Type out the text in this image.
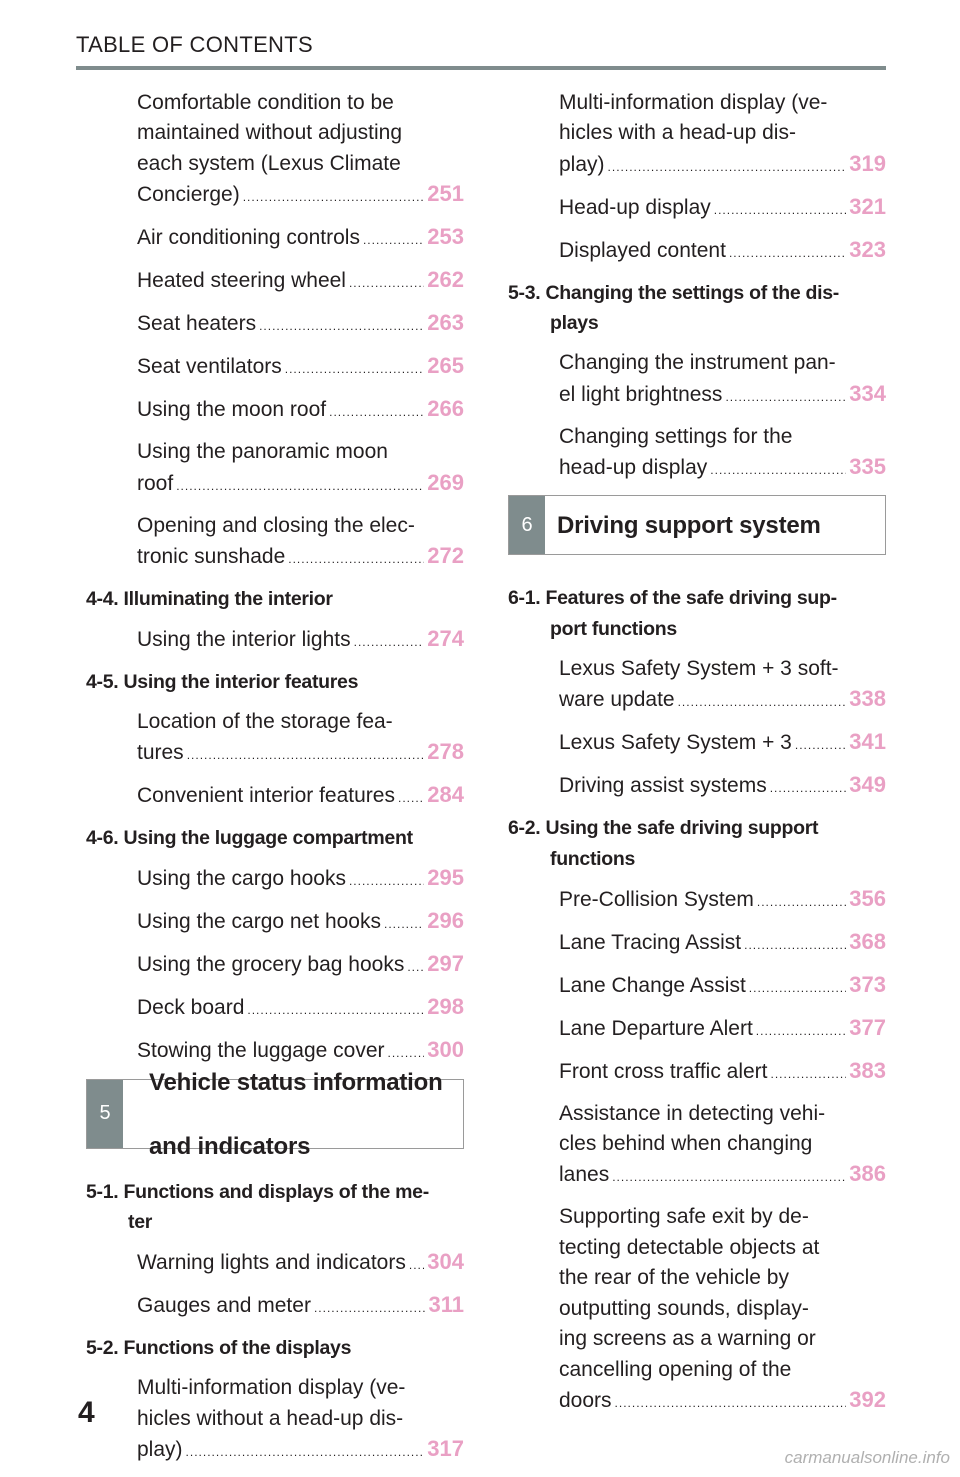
TABLE OF CONTENTS
Comfortable condition to be
maintained without adjusting
each system (Lexus Climate
Concierge) .....	251
Air conditioning controls .....	253
Heated steering wheel .....	262
Seat heaters .....	263
Seat ventilators .....	265
Using the moon roof .....	266
Using the panoramic moon
roof .....	269
Opening and closing the elec-
tronic sunshade .....	272
4-4. Illuminating the interior
Using the interior lights .....	274
4-5. Using the interior features
Location of the storage fea-
tures .....	278
Convenient interior features ..... 284
4-6. Using the luggage compartment
Using the cargo hooks .....	295
Using the cargo net hooks ..... 296
Using the grocery bag hooks ..... 297
Deck board .....	298
Stowing the luggage cover ..... 300
5
Vehicle status information

and indicators
5-1. Functions and displays of the me-
ter
Warning lights and indicators ..... 304
Gauges and meter .....	311
5-2. Functions of the displays
Multi-information display (ve-
hicles without a head-up dis-
play) .....	317
Multi-information display (ve-
hicles with a head-up dis-
play) .....	319
Head-up display .....	321
Displayed content .....	323
5-3. Changing the settings of the dis-
plays
Changing the instrument pan-
el light brightness .....	334
Changing settings for the
head-up display .....	335
6	Driving support system
6-1. Features of the safe driving sup-
port functions
Lexus Safety System + 3 soft-
ware update .....	338
Lexus Safety System + 3 .....	341
Driving assist systems .....	349
6-2. Using the safe driving support
functions
Pre-Collision System .....	356
Lane Tracing Assist .....	368
Lane Change Assist .....	373
Lane Departure Alert .....	377
Front cross traffic alert .....	383
Assistance in detecting vehi-
cles behind when changing
lanes .....	386
Supporting safe exit by de-
tecting detectable objects at
the rear of the vehicle by
outputting sounds, display-
ing screens as a warning or
cancelling opening of the
doors .....	392
4
carmanualsonline.info
